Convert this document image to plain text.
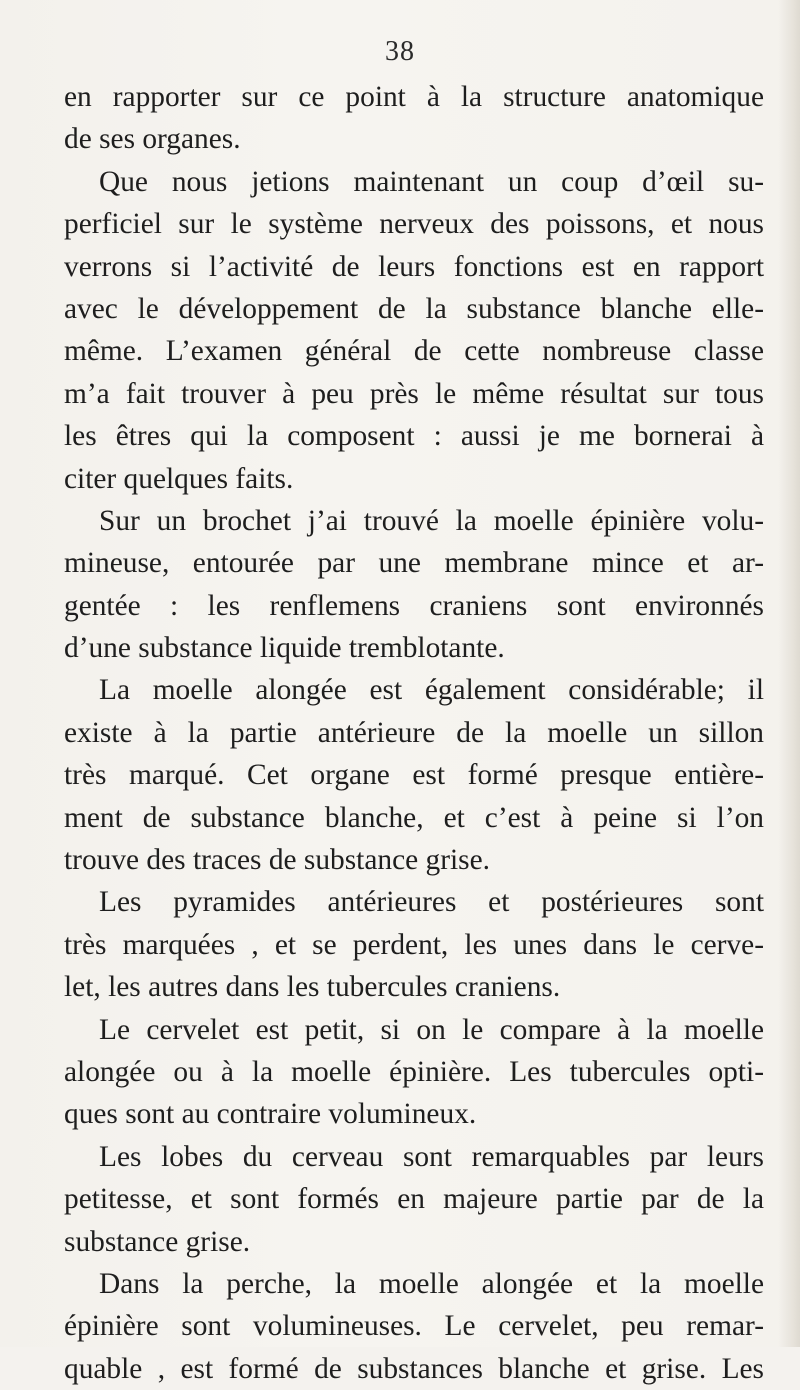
38
en rapporter sur ce point à la structure anatomique
de ses organes.
Que nous jetions maintenant un coup d’œil su-
perficiel sur le système nerveux des poissons, et nous
verrons si l’activité de leurs fonctions est en rapport
avec le développement de la substance blanche elle-
même. L’examen général de cette nombreuse classe
m’a fait trouver à peu près le même résultat sur tous
les êtres qui la composent : aussi je me bornerai à
citer quelques faits.
Sur un brochet j’ai trouvé la moelle épinière volu-
mineuse, entourée par une membrane mince et ar-
gentée : les renflemens craniens sont environnés
d’une substance liquide tremblotante.
La moelle alongée est également considérable; il
existe à la partie antérieure de la moelle un sillon
très marqué. Cet organe est formé presque entière-
ment de substance blanche, et c’est à peine si l’on
trouve des traces de substance grise.
Les pyramides antérieures et postérieures sont
très marquées , et se perdent, les unes dans le cerve-
let, les autres dans les tubercules craniens.
Le cervelet est petit, si on le compare à la moelle
alongée ou à la moelle épinière. Les tubercules opti-
ques sont au contraire volumineux.
Les lobes du cerveau sont remarquables par leurs
petitesse, et sont formés en majeure partie par de la
substance grise.
Dans la perche, la moelle alongée et la moelle
épinière sont volumineuses. Le cervelet, peu remar-
quable , est formé de substances blanche et grise. Les
